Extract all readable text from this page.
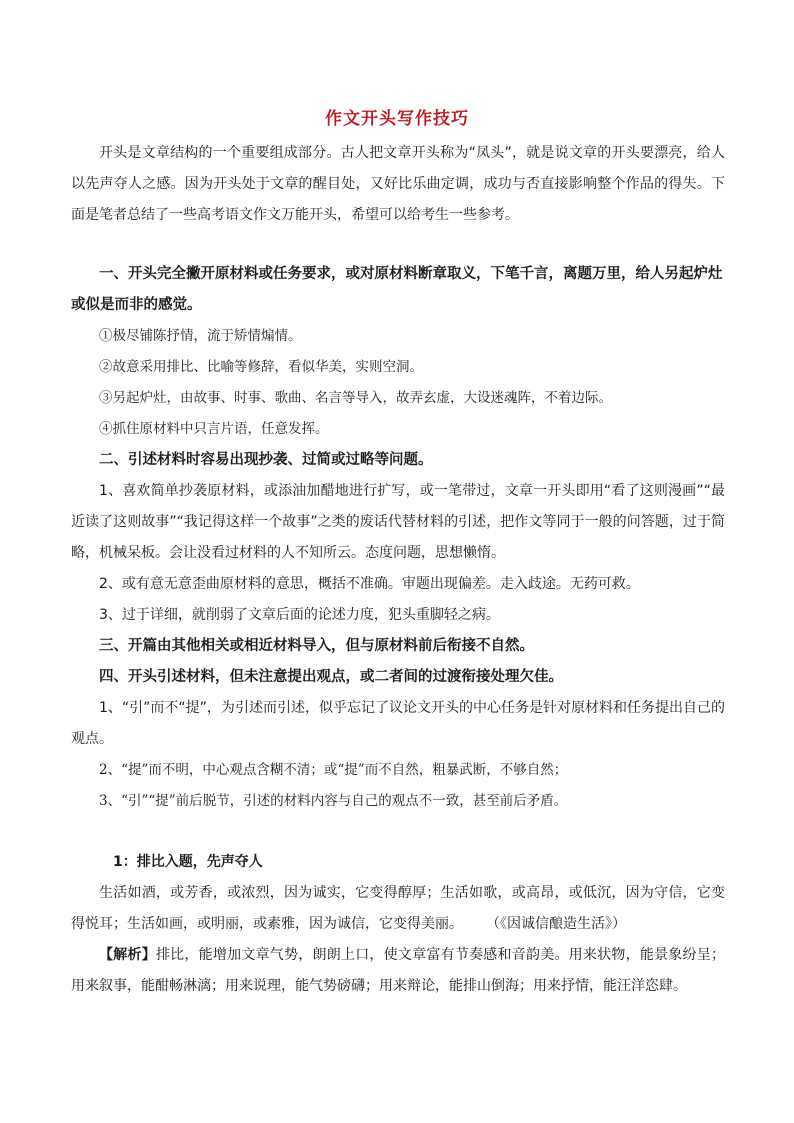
作文开头写作技巧

开头是文章结构的一个重要组成部分。古人把文章开头称为“凤头”，就是说文章的开头要漂亮，给人以先声夺人之感。因为开头处于文章的醒目处，又好比乐曲定调，成功与否直接影响整个作品的得失。下面是笔者总结了一些高考语文作文万能开头，希望可以给考生一些参考。

一、开头完全撇开原材料或任务要求，或对原材料断章取义，下笔千言，离题万里，给人另起炉灶或似是而非的感觉。

①极尽铺陈抒情，流于矫情煽情。

②故意采用排比、比喻等修辞，看似华美，实则空洞。

③另起炉灶，由故事、时事、歌曲、名言等导入，故弄玄虚，大设迷魂阵，不着边际。

④抓住原材料中只言片语，任意发挥。

二、引述材料时容易出现抄袭、过简或过略等问题。

1、喜欢简单抄袭原材料，或添油加醋地进行扩写，或一笔带过，文章一开头即用“看了这则漫画”“最近读了这则故事”“我记得这样一个故事”之类的废话代替材料的引述，把作文等同于一般的问答题，过于简略，机械呆板。会让没看过材料的人不知所云。态度问题，思想懒惰。

2、或有意无意歪曲原材料的意思，概括不准确。审题出现偏差。走入歧途。无药可救。

3、过于详细，就削弱了文章后面的论述力度，犯头重脚轻之病。

三、开篇由其他相关或相近材料导入，但与原材料前后衔接不自然。

四、开头引述材料，但未注意提出观点，或二者间的过渡衔接处理欠佳。

1、“引”而不“提”，为引述而引述，似乎忘记了议论文开头的中心任务是针对原材料和任务提出自己的观点。

2、“提”而不明，中心观点含糊不清；或“提”而不自然，粗暴武断，不够自然；

3、“引”“提”前后脱节，引述的材料内容与自己的观点不一致，甚至前后矛盾。

1：排比入题，先声夺人

生活如酒，或芳香，或浓烈，因为诚实，它变得醇厚；生活如歌，或高昂，或低沉，因为守信，它变得悦耳；生活如画，或明丽，或素雅，因为诚信，它变得美丽。 （《因诚信酿造生活》）

【解析】排比，能增加文章气势，朗朗上口，使文章富有节奏感和音韵美。用来状物，能景象纷呈；用来叙事，能酣畅淋漓；用来说理，能气势磅礴；用来辩论，能排山倒海；用来抒情，能汪洋恣肆。
